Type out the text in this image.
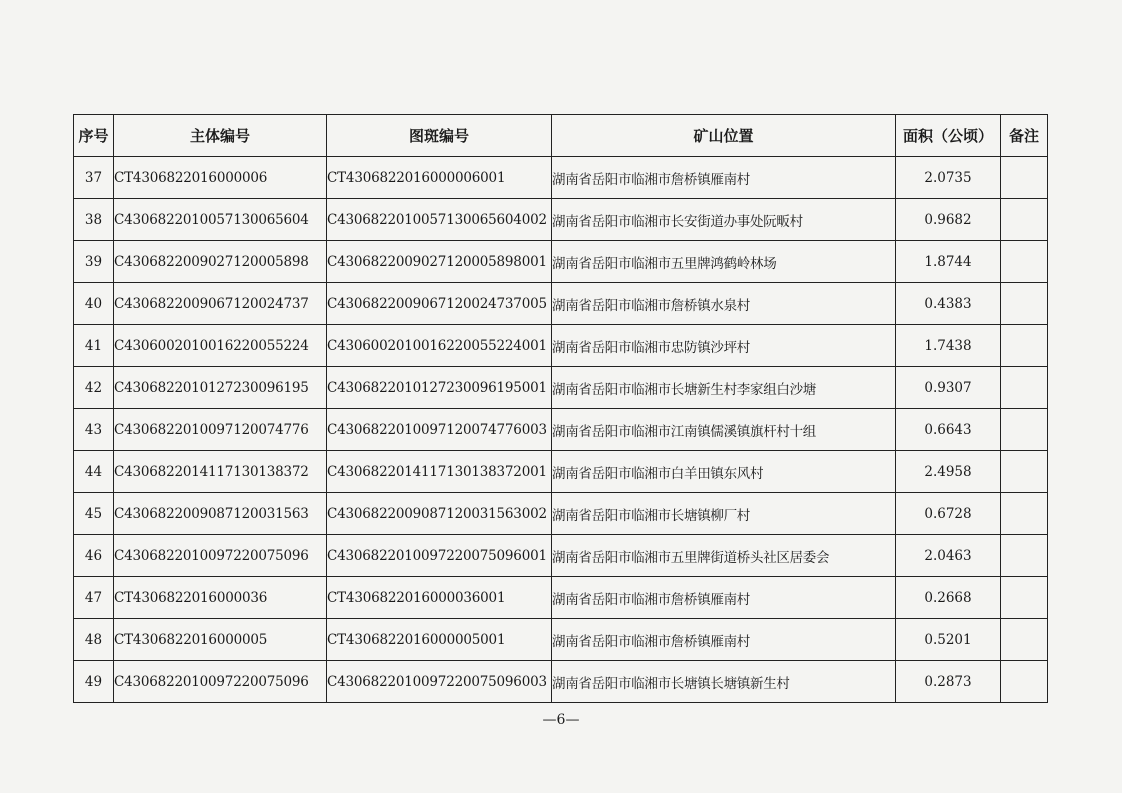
序号	主体编号	图斑编号	矿山位置	面积（公顷）	备注
37	CT4306822016000006	CT4306822016000006001	湖南省岳阳市临湘市詹桥镇雁南村	2.0735	
38	C4306822010057130065604	C4306822010057130065604002	湖南省岳阳市临湘市长安街道办事处阮畈村	0.9682	
39	C4306822009027120005898	C4306822009027120005898001	湖南省岳阳市临湘市五里牌鸿鹤岭林场	1.8744	
40	C4306822009067120024737	C4306822009067120024737005	湖南省岳阳市临湘市詹桥镇水泉村	0.4383	
41	C4306002010016220055224	C4306002010016220055224001	湖南省岳阳市临湘市忠防镇沙坪村	1.7438	
42	C4306822010127230096195	C4306822010127230096195001	湖南省岳阳市临湘市长塘新生村李家组白沙塘	0.9307	
43	C4306822010097120074776	C4306822010097120074776003	湖南省岳阳市临湘市江南镇儒溪镇旗杆村十组	0.6643	
44	C4306822014117130138372	C4306822014117130138372001	湖南省岳阳市临湘市白羊田镇东风村	2.4958	
45	C4306822009087120031563	C4306822009087120031563002	湖南省岳阳市临湘市长塘镇柳厂村	0.6728	
46	C4306822010097220075096	C4306822010097220075096001	湖南省岳阳市临湘市五里牌街道桥头社区居委会	2.0463	
47	CT4306822016000036	CT4306822016000036001	湖南省岳阳市临湘市詹桥镇雁南村	0.2668	
48	CT4306822016000005	CT4306822016000005001	湖南省岳阳市临湘市詹桥镇雁南村	0.5201	
49	C4306822010097220075096	C4306822010097220075096003	湖南省岳阳市临湘市长塘镇长塘镇新生村	0.2873	
—6—
